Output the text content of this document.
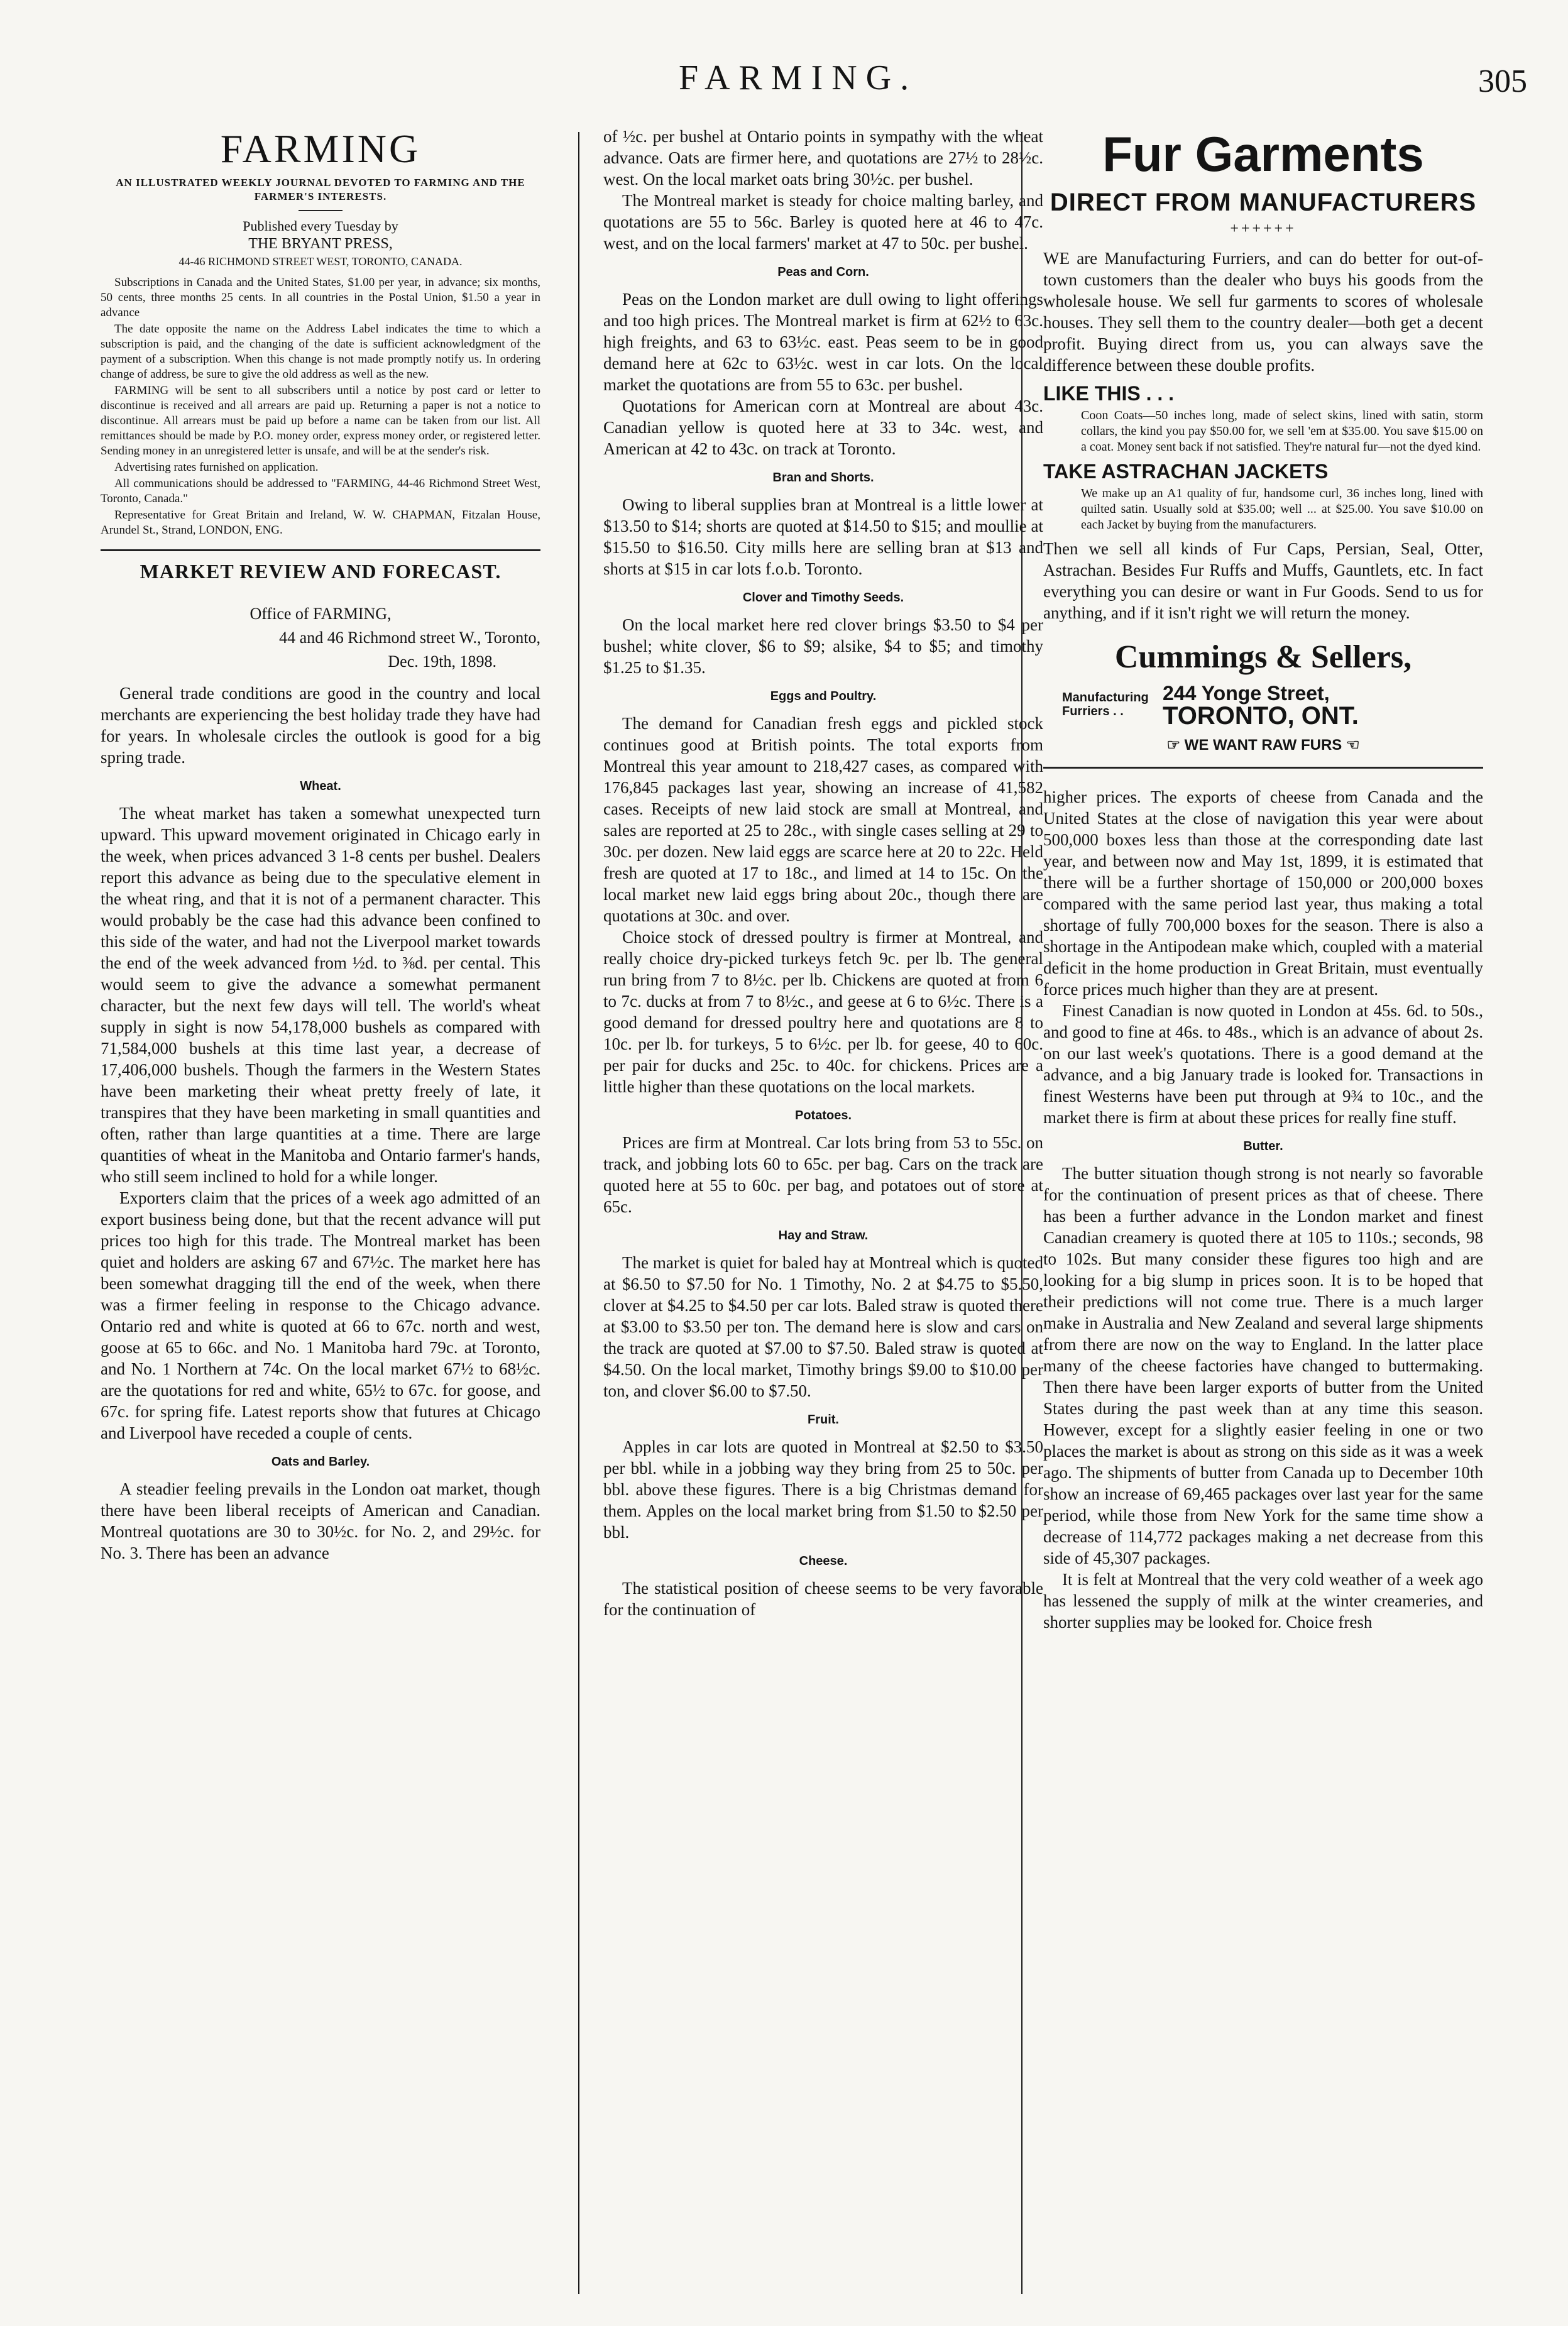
FARMING.	305
FARMING
AN ILLUSTRATED WEEKLY JOURNAL DEVOTED TO FARMING AND THE FARMER'S INTERESTS.
Published every Tuesday by
THE BRYANT PRESS,
44-46 RICHMOND STREET WEST, TORONTO, CANADA.

Subscriptions in Canada and the United States, $1.00 per year, in advance; six months, 50 cents, three months 25 cents. In all countries in the Postal Union, $1.50 a year in advance

The date opposite the name on the Address Label indicates the time to which a subscription is paid, and the changing of the date is sufficient acknowledgment of the payment of a subscription. When this change is not made promptly notify us. In ordering change of address, be sure to give the old address as well as the new.

FARMING will be sent to all subscribers until a notice by post card or letter to discontinue is received and all arrears are paid up. Returning a paper is not a notice to discontinue. All arrears must be paid up before a name can be taken from our list. All remittances should be made by P.O. money order, express money order, or registered letter. Sending money in an unregistered letter is unsafe, and will be at the sender's risk.

Advertising rates furnished on application.

All communications should be addressed to "FARMING, 44-46 Richmond Street West, Toronto, Canada."

Representative for Great Britain and Ireland, W. W. CHAPMAN, Fitzalan House, Arundel St., Strand, LONDON, ENG.

MARKET REVIEW AND FORECAST.
Office of FARMING,
44 and 46 Richmond street W., Toronto,
Dec. 19th, 1898.

General trade conditions are good in the country and local merchants are experiencing the best holiday trade they have had for years. In wholesale circles the outlook is good for a big spring trade.

Wheat.

The wheat market has taken a somewhat unexpected turn upward. This upward movement originated in Chicago early in the week, when prices advanced 3 1-8 cents per bushel. Dealers report this advance as being due to the speculative element in the wheat ring, and that it is not of a permanent character. This would probably be the case had this advance been confined to this side of the water, and had not the Liverpool market towards the end of the week advanced from ½d. to ⅜d. per cental. This would seem to give the advance a somewhat permanent character, but the next few days will tell. The world's wheat supply in sight is now 54,178,000 bushels as compared with 71,584,000 bushels at this time last year, a decrease of 17,406,000 bushels. Though the farmers in the Western States have been marketing their wheat pretty freely of late, it transpires that they have been marketing in small quantities and often, rather than large quantities at a time. There are large quantities of wheat in the Manitoba and Ontario farmer's hands, who still seem inclined to hold for a while longer.

Exporters claim that the prices of a week ago admitted of an export business being done, but that the recent advance will put prices too high for this trade. The Montreal market has been quiet and holders are asking 67 and 67½c. The market here has been somewhat dragging till the end of the week, when there was a firmer feeling in response to the Chicago advance. Ontario red and white is quoted at 66 to 67c. north and west, goose at 65 to 66c. and No. 1 Manitoba hard 79c. at Toronto, and No. 1 Northern at 74c. On the local market 67½ to 68½c. are the quotations for red and white, 65½ to 67c. for goose, and 67c. for spring fife. Latest reports show that futures at Chicago and Liverpool have receded a couple of cents.

Oats and Barley.

A steadier feeling prevails in the London oat market, though there have been liberal receipts of American and Canadian. Montreal quotations are 30 to 30½c. for No. 2, and 29½c. for No. 3. There has been an advance

of ½c. per bushel at Ontario points in sympathy with the wheat advance. Oats are firmer here, and quotations are 27½ to 28½c. west. On the local market oats bring 30½c. per bushel.

The Montreal market is steady for choice malting barley, and quotations are 55 to 56c. Barley is quoted here at 46 to 47c. west, and on the local farmers' market at 47 to 50c. per bushel.

Peas and Corn.

Peas on the London market are dull owing to light offerings and too high prices. The Montreal market is firm at 62½ to 63c. high freights, and 63 to 63½c. east. Peas seem to be in good demand here at 62c to 63½c. west in car lots. On the local market the quotations are from 55 to 63c. per bushel.

Quotations for American corn at Montreal are about 43c. Canadian yellow is quoted here at 33 to 34c. west, and American at 42 to 43c. on track at Toronto.

Bran and Shorts.

Owing to liberal supplies bran at Montreal is a little lower at $13.50 to $14; shorts are quoted at $14.50 to $15; and moullie at $15.50 to $16.50. City mills here are selling bran at $13 and shorts at $15 in car lots f.o.b. Toronto.

Clover and Timothy Seeds.

On the local market here red clover brings $3.50 to $4 per bushel; white clover, $6 to $9; alsike, $4 to $5; and timothy $1.25 to $1.35.

Eggs and Poultry.

The demand for Canadian fresh eggs and pickled stock continues good at British points. The total exports from Montreal this year amount to 218,427 cases, as compared with 176,845 packages last year, showing an increase of 41,582 cases. Receipts of new laid stock are small at Montreal, and sales are reported at 25 to 28c., with single cases selling at 29 to 30c. per dozen. New laid eggs are scarce here at 20 to 22c. Held fresh are quoted at 17 to 18c., and limed at 14 to 15c. On the local market new laid eggs bring about 20c., though there are quotations at 30c. and over.

Choice stock of dressed poultry is firmer at Montreal, and really choice dry-picked turkeys fetch 9c. per lb. The general run bring from 7 to 8½c. per lb. Chickens are quoted at from 6 to 7c. ducks at from 7 to 8½c., and geese at 6 to 6½c. There is a good demand for dressed poultry here and quotations are 8 to 10c. per lb. for turkeys, 5 to 6½c. per lb. for geese, 40 to 60c. per pair for ducks and 25c. to 40c. for chickens. Prices are a little higher than these quotations on the local markets.

Potatoes.

Prices are firm at Montreal. Car lots bring from 53 to 55c. on track, and jobbing lots 60 to 65c. per bag. Cars on the track are quoted here at 55 to 60c. per bag, and potatoes out of store at 65c.

Hay and Straw.

The market is quiet for baled hay at Montreal which is quoted at $6.50 to $7.50 for No. 1 Timothy, No. 2 at $4.75 to $5.50, clover at $4.25 to $4.50 per car lots. Baled straw is quoted there at $3.00 to $3.50 per ton. The demand here is slow and cars on the track are quoted at $7.00 to $7.50. Baled straw is quoted at $4.50. On the local market, Timothy brings $9.00 to $10.00 per ton, and clover $6.00 to $7.50.

Fruit.

Apples in car lots are quoted in Montreal at $2.50 to $3.50 per bbl. while in a jobbing way they bring from 25 to 50c. per bbl. above these figures. There is a big Christmas demand for them. Apples on the local market bring from $1.50 to $2.50 per bbl.

Cheese.

The statistical position of cheese seems to be very favorable for the continuation of

Fur Garments
DIRECT FROM MANUFACTURERS
++++++

WE are Manufacturing Furriers, and can do better for out-of-town customers than the dealer who buys his goods from the wholesale house. We sell fur garments to scores of wholesale houses. They sell them to the country dealer—both get a decent profit. Buying direct from us, you can always save the difference between these double profits.

LIKE THIS . . .

Coon Coats—50 inches long, made of select skins, lined with satin, storm collars, the kind you pay $50.00 for, we sell 'em at $35.00. You save $15.00 on a coat. Money sent back if not satisfied. They're natural fur—not the dyed kind.

TAKE ASTRACHAN JACKETS

We make up an A1 quality of fur, handsome curl, 36 inches long, lined with quilted satin. Usually sold at $35.00; well ... at $25.00. You save $10.00 on each Jacket by buying from the manufacturers.

Then we sell all kinds of Fur Caps, Persian, Seal, Otter, Astrachan. Besides Fur Ruffs and Muffs, Gauntlets, etc. In fact everything you can desire or want in Fur Goods. Send to us for anything, and if it isn't right we will return the money.

Cummings & Sellers,
Manufacturing Furriers . .
244 Yonge Street,
TORONTO, ONT.
☞ WE WANT RAW FURS ☜

higher prices. The exports of cheese from Canada and the United States at the close of navigation this year were about 500,000 boxes less than those at the corresponding date last year, and between now and May 1st, 1899, it is estimated that there will be a further shortage of 150,000 or 200,000 boxes compared with the same period last year, thus making a total shortage of fully 700,000 boxes for the season. There is also a shortage in the Antipodean make which, coupled with a material deficit in the home production in Great Britain, must eventually force prices much higher than they are at present.

Finest Canadian is now quoted in London at 45s. 6d. to 50s., and good to fine at 46s. to 48s., which is an advance of about 2s. on our last week's quotations. There is a good demand at the advance, and a big January trade is looked for. Transactions in finest Westerns have been put through at 9¾ to 10c., and the market there is firm at about these prices for really fine stuff.

Butter.

The butter situation though strong is not nearly so favorable for the continuation of present prices as that of cheese. There has been a further advance in the London market and finest Canadian creamery is quoted there at 105 to 110s.; seconds, 98 to 102s. But many consider these figures too high and are looking for a big slump in prices soon. It is to be hoped that their predictions will not come true. There is a much larger make in Australia and New Zealand and several large shipments from there are now on the way to England. In the latter place many of the cheese factories have changed to buttermaking. Then there have been larger exports of butter from the United States during the past week than at any time this season. However, except for a slightly easier feeling in one or two places the market is about as strong on this side as it was a week ago. The shipments of butter from Canada up to December 10th show an increase of 69,465 packages over last year for the same period, while those from New York for the same time show a decrease of 114,772 packages making a net decrease from this side of 45,307 packages.

It is felt at Montreal that the very cold weather of a week ago has lessened the supply of milk at the winter creameries, and shorter supplies may be looked for. Choice fresh
